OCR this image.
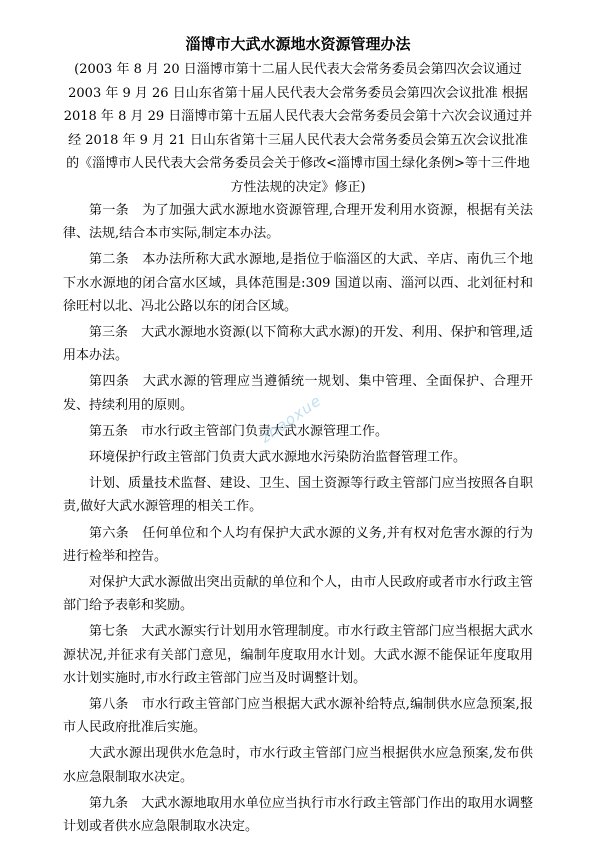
淄博市大武水源地水资源管理办法
(2003 年 8 月 20 日淄博市第十二届人民代表大会常务委员会第四次会议通过 2003 年 9 月 26 日山东省第十届人民代表大会常务委员会第四次会议批准 根据 2018 年 8 月 29 日淄博市第十五届人民代表大会常务委员会第十六次会议通过并经 2018 年 9 月 21 日山东省第十三届人民代表大会常务委员会第五次会议批准的《淄博市人民代表大会常务委员会关于修改<淄博市国土绿化条例>等十三件地方性法规的决定》修正)

第一条　为了加强大武水源地水资源管理,合理开发利用水资源，根据有关法律、法规,结合本市实际,制定本办法。

第二条　本办法所称大武水源地,是指位于临淄区的大武、辛店、南仇三个地下水水源地的闭合富水区域，具体范围是:309 国道以南、淄河以西、北刘征村和徐旺村以北、冯北公路以东的闭合区域。

第三条　大武水源地水资源(以下简称大武水源)的开发、利用、保护和管理,适用本办法。

第四条　大武水源的管理应当遵循统一规划、集中管理、全面保护、合理开发、持续利用的原则。

第五条　市水行政主管部门负责大武水源管理工作。

环境保护行政主管部门负责大武水源地水污染防治监督管理工作。

计划、质量技术监督、建设、卫生、国土资源等行政主管部门应当按照各自职责,做好大武水源管理的相关工作。

第六条　任何单位和个人均有保护大武水源的义务,并有权对危害水源的行为进行检举和控告。

对保护大武水源做出突出贡献的单位和个人，由市人民政府或者市水行政主管部门给予表彰和奖励。

第七条　大武水源实行计划用水管理制度。市水行政主管部门应当根据大武水源状况,并征求有关部门意见，编制年度取用水计划。大武水源不能保证年度取用水计划实施时,市水行政主管部门应当及时调整计划。

第八条　市水行政主管部门应当根据大武水源补给特点,编制供水应急预案,报市人民政府批准后实施。

大武水源出现供水危急时，市水行政主管部门应当根据供水应急预案,发布供水应急限制取水决定。

第九条　大武水源地取用水单位应当执行市水行政主管部门作出的取用水调整计划或者供水应急限制取水决定。

zhaoxue
